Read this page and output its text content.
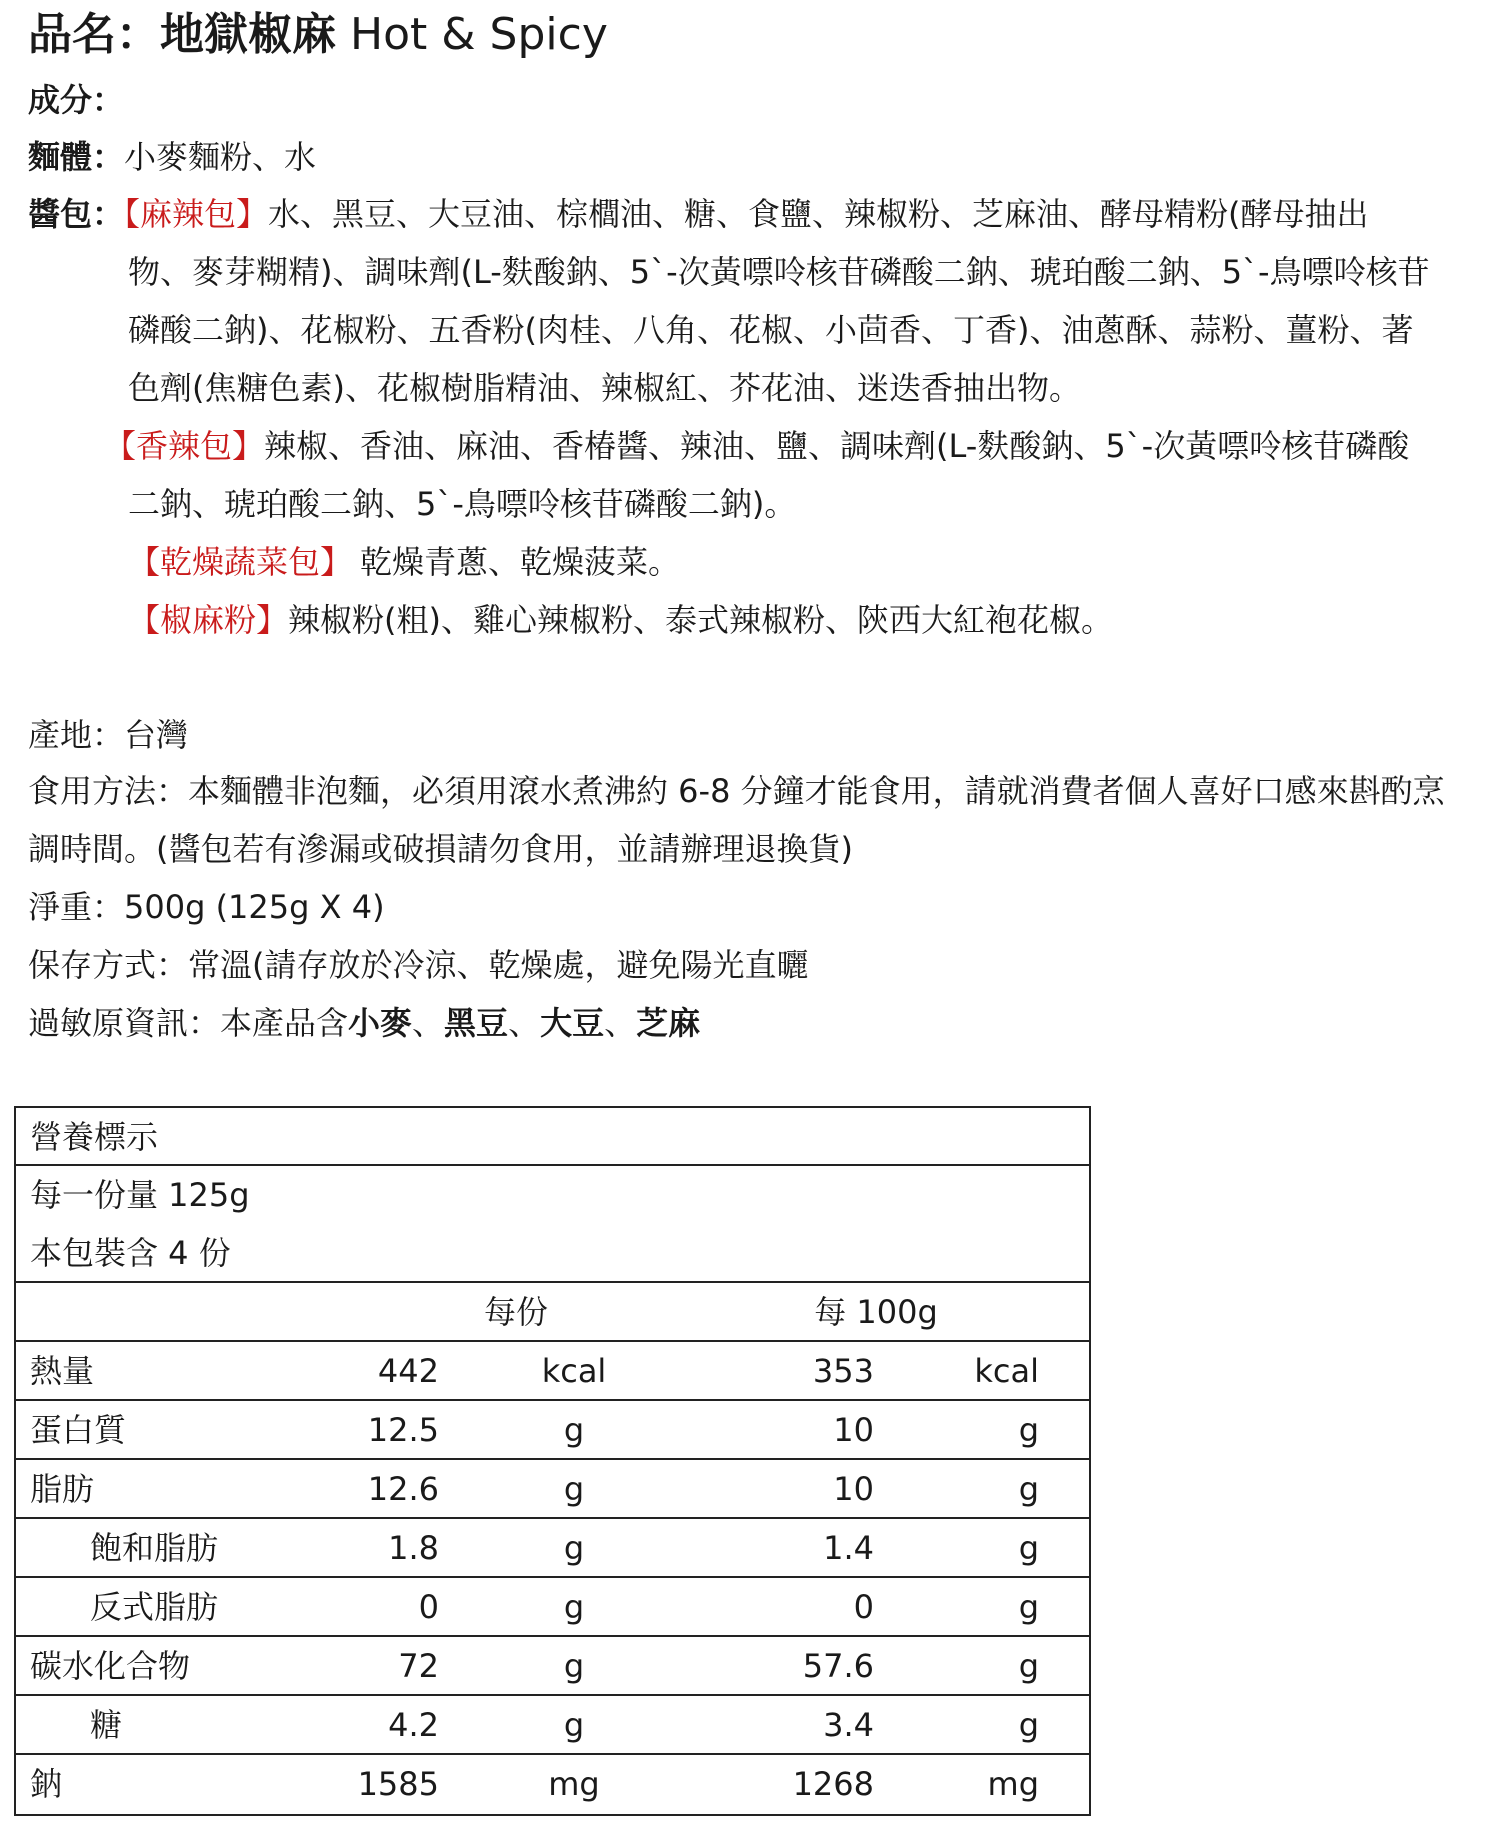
品名：地獄椒麻 Hot & Spicy
成分：
麵體：小麥麵粉、水
醬包：【麻辣包】水、黑豆、大豆油、棕櫚油、糖、食鹽、辣椒粉、芝麻油、酵母精粉(酵母抽出
物、麥芽糊精)、調味劑(L-麩酸鈉、5`-次黃嘌呤核苷磷酸二鈉、琥珀酸二鈉、5`-鳥嘌呤核苷
磷酸二鈉)、花椒粉、五香粉(肉桂、八角、花椒、小茴香、丁香)、油蔥酥、蒜粉、薑粉、著
色劑(焦糖色素)、花椒樹脂精油、辣椒紅、芥花油、迷迭香抽出物。
【香辣包】辣椒、香油、麻油、香椿醬、辣油、鹽、調味劑(L-麩酸鈉、5`-次黃嘌呤核苷磷酸
二鈉、琥珀酸二鈉、5`-鳥嘌呤核苷磷酸二鈉)。
【乾燥蔬菜包】 乾燥青蔥、乾燥菠菜。
【椒麻粉】辣椒粉(粗)、雞心辣椒粉、泰式辣椒粉、陝西大紅袍花椒。
產地：台灣
食用方法：本麵體非泡麵，必須用滾水煮沸約 6-8 分鐘才能食用，請就消費者個人喜好口感來斟酌烹
調時間。(醬包若有滲漏或破損請勿食用，並請辦理退換貨)
淨重：500g (125g X 4)
保存方式：常溫(請存放於冷涼、乾燥處，避免陽光直曬
過敏原資訊：本產品含小麥、黑豆、大豆、芝麻
營養標示
每一份量 125g
本包裝含 4 份
每份	每 100g
熱量	442	kcal	353	kcal
蛋白質	12.5	g	10	g
脂肪	12.6	g	10	g
飽和脂肪	1.8	g	1.4	g
反式脂肪	0	g	0	g
碳水化合物	72	g	57.6	g
糖	4.2	g	3.4	g
鈉	1585	mg	1268	mg
